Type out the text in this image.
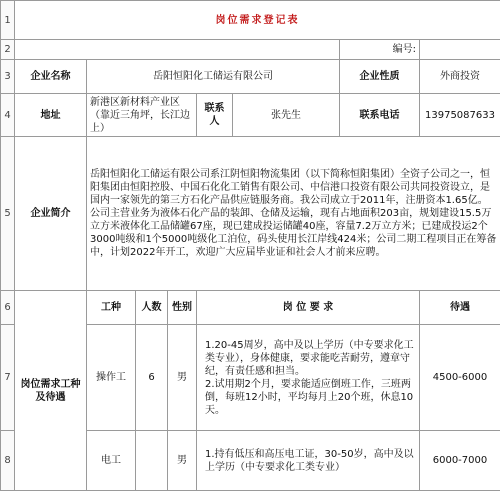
1	岗位需求登记表							
2							编号:	
3	企业名称	岳阳恒阳化工储运有限公司					企业性质	外商投资
4	地址	新港区新材料产业区（靠近三角坪，长江边上）			联系人	张先生	联系电话	13975087633
5	企业简介	岳阳恒阳化工储运有限公司系江阴恒阳物流集团（以下简称恒阳集团）全资子公司之一，恒阳集团由恒阳控股、中国石化化工销售有限公司、中信港口投资有限公司共同投资设立，是国内一家领先的第三方石化产品供应链服务商。我公司成立于2011年，注册资本1.65亿。公司主营业务为液体石化产品的装卸、仓储及运输，现有占地面积203亩，规划建设15.5万立方米液体化工品储罐67座，现已建成投运储罐40座，容量7.2万立方米；已建成投运2个3000吨级和1个5000吨级化工泊位，码头使用长江岸线424米；公司二期工程项目正在筹备中，计划2022年开工，欢迎广大应届毕业证和社会人才前来应聘。						
6	岗位需求工种及待遇	工种	人数	性别	岗 位 要 求			待遇
7		操作工	6	男	1.20-45周岁，高中及以上学历（中专要求化工类专业），身体健康，要求能吃苦耐劳，遵章守纪，有责任感和担当。
2.试用期2个月，要求能适应倒班工作，三班两倒，每班12小时，平均每月上20个班，休息10天。			4500-6000
8		电工		男	1.持有低压和高压电工证，30-50岁，高中及以上学历（中专要求化工类专业）			6000-7000
